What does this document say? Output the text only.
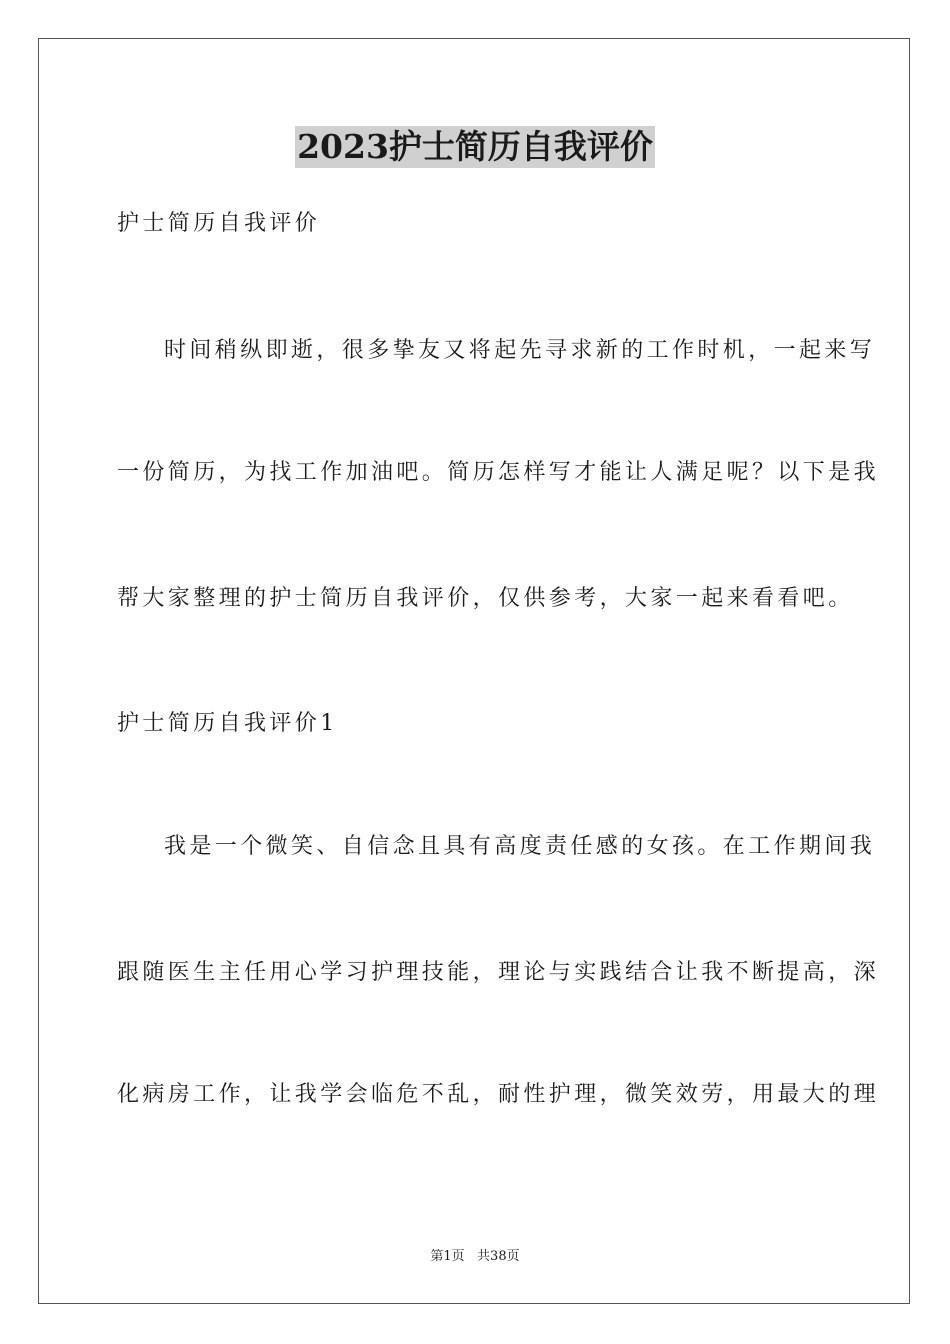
2023护士简历自我评价
护士简历自我评价
时间稍纵即逝，很多挚友又将起先寻求新的工作时机，一起来写
一份简历，为找工作加油吧。简历怎样写才能让人满足呢？以下是我
帮大家整理的护士简历自我评价，仅供参考，大家一起来看看吧。
护士简历自我评价1
我是一个微笑、自信念且具有高度责任感的女孩。在工作期间我
跟随医生主任用心学习护理技能，理论与实践结合让我不断提高，深
化病房工作，让我学会临危不乱，耐性护理，微笑效劳，用最大的理
第1页   共38页
